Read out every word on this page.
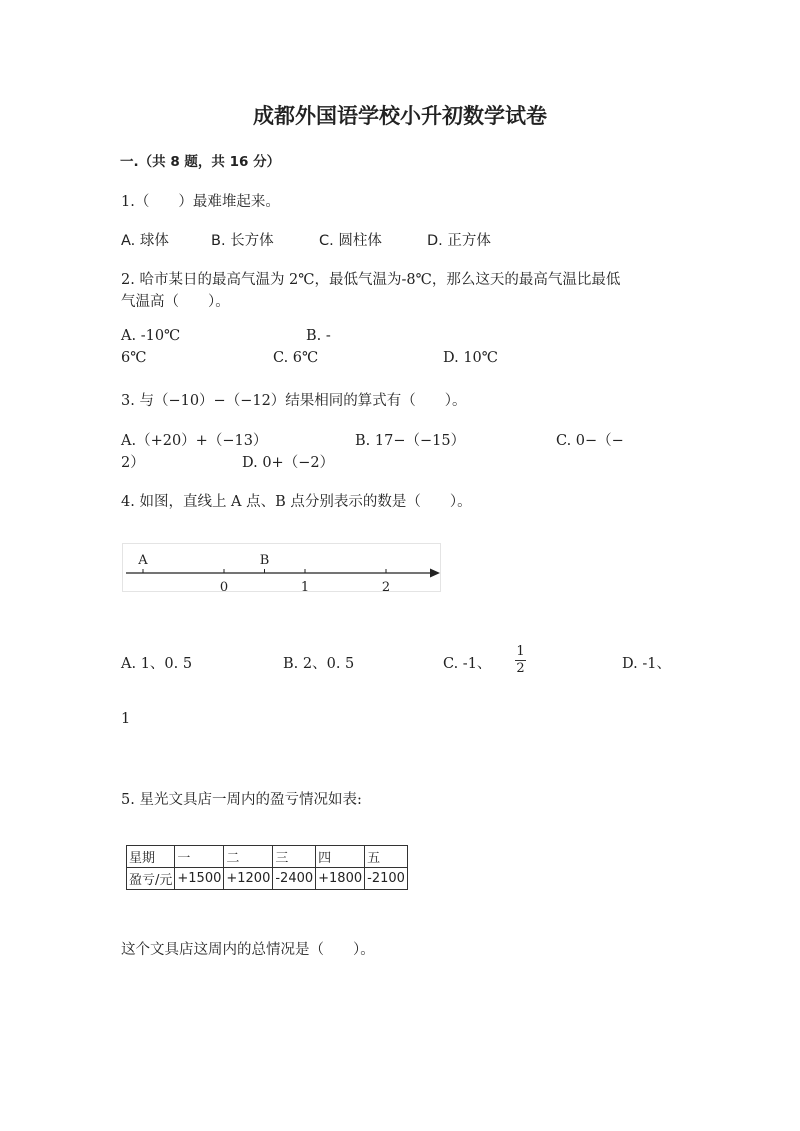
成都外国语学校小升初数学试卷
一.（共 8 题，共 16 分）
1.（　　）最难堆起来。
A. 球体	B. 长方体	C. 圆柱体	D. 正方体
2. 哈市某日的最高气温为 2℃，最低气温为-8℃，那么这天的最高气温比最低
气温高（　　）。
A. -10℃	B. -
6℃	C. 6℃	D. 10℃
3. 与（−10）−（−12）结果相同的算式有（　　）。
A.（+20）+（−13）	B. 17−（−15）	C. 0−（−
2）	D. 0+（−2）
4. 如图，直线上 A 点、B 点分别表示的数是（　　）。
0	1	2
A	B
A. 1、0. 5	B. 2、0. 5	C. -1、
1
2	D. -1、
1
5. 星光文具店一周内的盈亏情况如表:
星期	一	二	三	四	五
盈亏/元	+1500	+1200	-2400	+1800	-2100
这个文具店这周内的总情况是（　　）。
